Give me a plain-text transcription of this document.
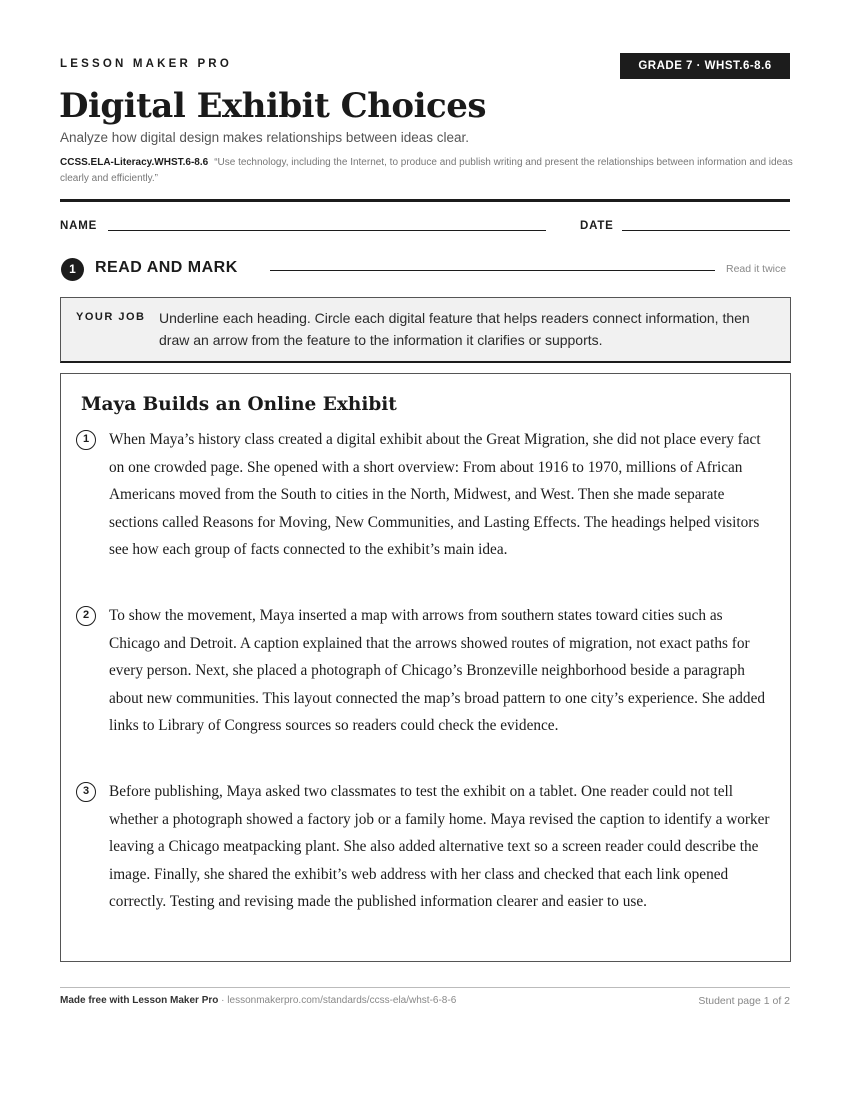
LESSON MAKER PRO	GRADE 7 · WHST.6-8.6
Digital Exhibit Choices
Analyze how digital design makes relationships between ideas clear.
CCSS.ELA-Literacy.WHST.6-8.6 “Use technology, including the Internet, to produce and publish writing and present the relationships between information and ideas clearly and efficiently.”
NAME	DATE
1	READ AND MARK	Read it twice
YOUR JOB Underline each heading. Circle each digital feature that helps readers connect information, then draw an arrow from the feature to the information it clarifies or supports.
Maya Builds an Online Exhibit
1	When Maya’s history class created a digital exhibit about the Great Migration, she did not place every fact on one crowded page. She opened with a short overview: From about 1916 to 1970, millions of African Americans moved from the South to cities in the North, Midwest, and West. Then she made separate sections called Reasons for Moving, New Communities, and Lasting Effects. The headings helped visitors see how each group of facts connected to the exhibit’s main idea.

2	To show the movement, Maya inserted a map with arrows from southern states toward cities such as Chicago and Detroit. A caption explained that the arrows showed routes of migration, not exact paths for every person. Next, she placed a photograph of Chicago’s Bronzeville neighborhood beside a paragraph about new communities. This layout connected the map’s broad pattern to one city’s experience. She added links to Library of Congress sources so readers could check the evidence.

3	Before publishing, Maya asked two classmates to test the exhibit on a tablet. One reader could not tell whether a photograph showed a factory job or a family home. Maya revised the caption to identify a worker leaving a Chicago meatpacking plant. She also added alternative text so a screen reader could describe the image. Finally, she shared the exhibit’s web address with her class and checked that each link opened correctly. Testing and revising made the published information clearer and easier to use.

Made free with Lesson Maker Pro · lessonmakerpro.com/standards/ccss-ela/whst-6-8-6	Student page 1 of 2
